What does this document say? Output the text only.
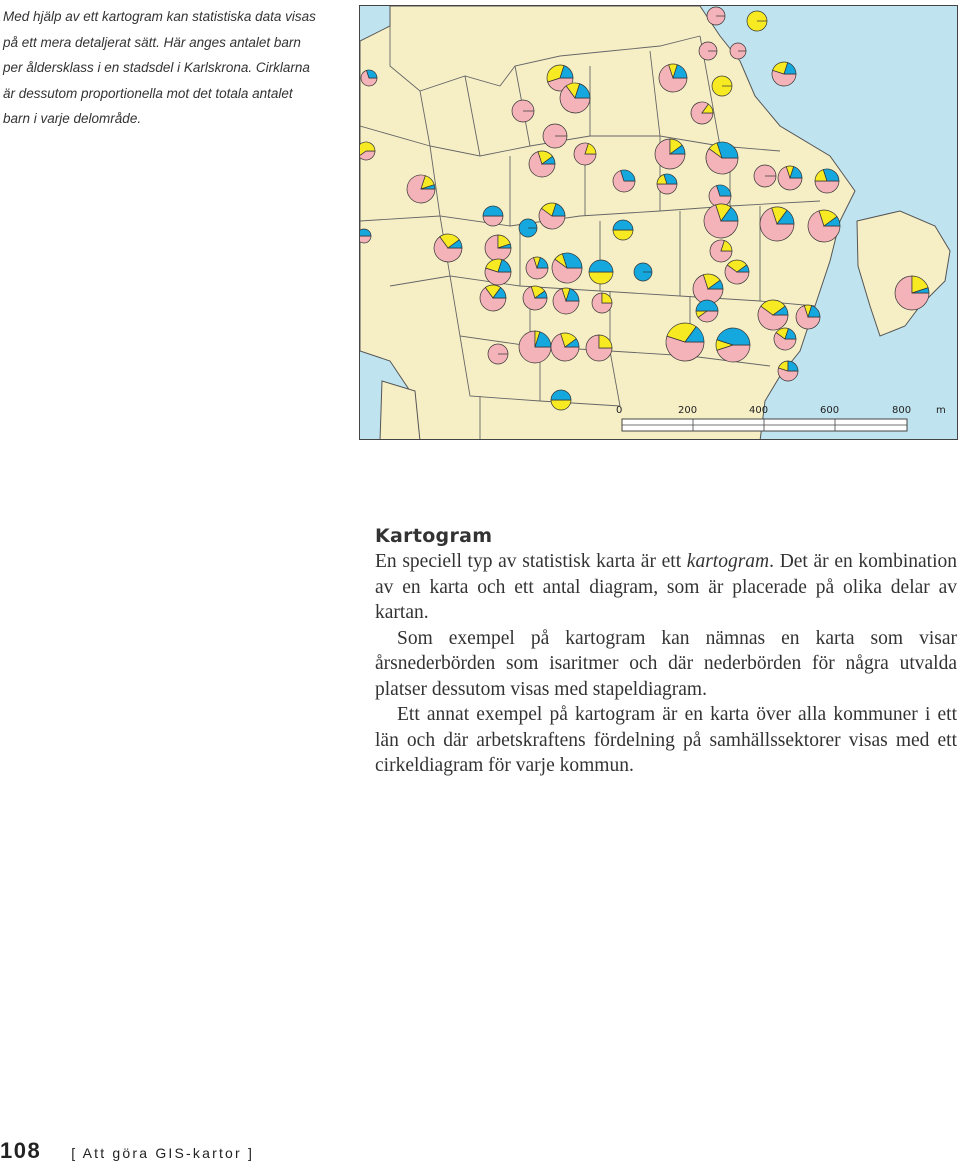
Med hjälp av ett kartogram kan statistiska data visas på ett mera detaljerat sätt. Här anges antalet barn per åldersklass i en stadsdel i Karlskrona. Cirklarna är dessutom proportionella mot det totala antalet barn i varje delområde.

0	200	400	600	800 m
Kartogram

En speciell typ av statistisk karta är ett kartogram. Det är en kombination av en karta och ett antal diagram, som är placerade på olika delar av kartan.

Som exempel på kartogram kan nämnas en karta som visar årsnederbörden som isaritmer och där nederbörden för några utvalda platser dessutom visas med stapeldiagram.

Ett annat exempel på kartogram är en karta över alla kommuner i ett län och där arbetskraftens fördelning på samhällssektorer visas med ett cirkeldiagram för varje kommun.

108 [ Att göra GIS-kartor ]
